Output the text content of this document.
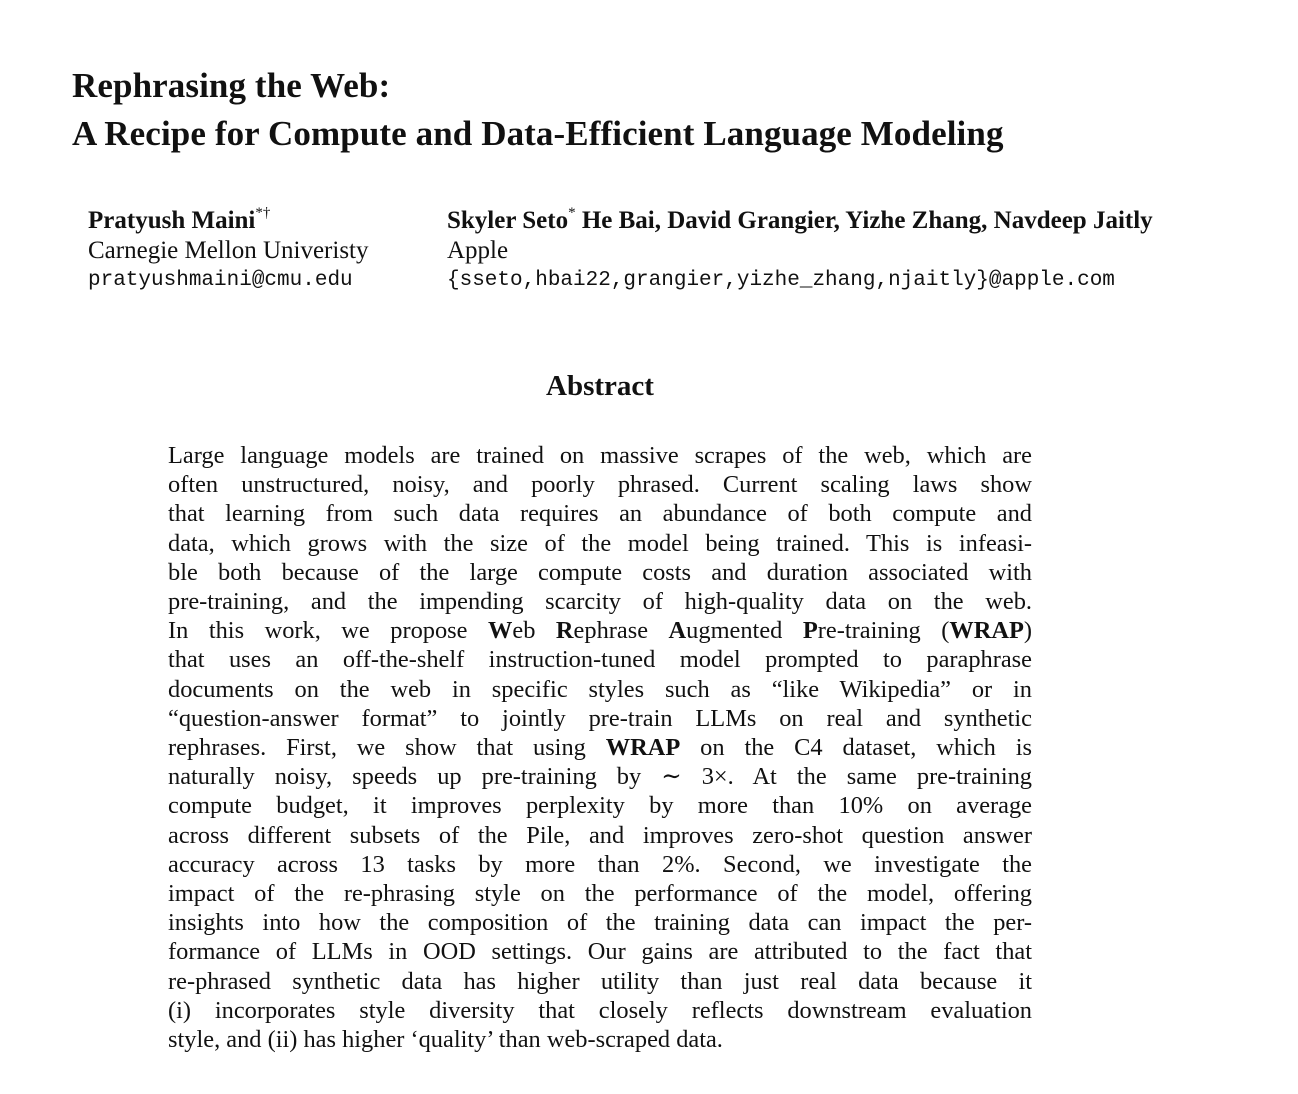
Rephrasing the Web:
A Recipe for Compute and Data-Efficient Language Modeling
Pratyush Maini*†
Carnegie Mellon Univeristy
pratyushmaini@cmu.edu
Skyler Seto* He Bai, David Grangier, Yizhe Zhang, Navdeep Jaitly
Apple
{sseto,hbai22,grangier,yizhe_zhang,njaitly}@apple.com
Abstract
Large language models are trained on massive scrapes of the web, which are
often unstructured, noisy, and poorly phrased. Current scaling laws show
that learning from such data requires an abundance of both compute and
data, which grows with the size of the model being trained. This is infeasi-
ble both because of the large compute costs and duration associated with
pre-training, and the impending scarcity of high-quality data on the web.
In this work, we propose Web Rephrase Augmented Pre-training (WRAP)
that uses an off-the-shelf instruction-tuned model prompted to paraphrase
documents on the web in specific styles such as “like Wikipedia” or in
“question-answer format” to jointly pre-train LLMs on real and synthetic
rephrases. First, we show that using WRAP on the C4 dataset, which is
naturally noisy, speeds up pre-training by ∼ 3×. At the same pre-training
compute budget, it improves perplexity by more than 10% on average
across different subsets of the Pile, and improves zero-shot question answer
accuracy across 13 tasks by more than 2%. Second, we investigate the
impact of the re-phrasing style on the performance of the model, offering
insights into how the composition of the training data can impact the per-
formance of LLMs in OOD settings. Our gains are attributed to the fact that
re-phrased synthetic data has higher utility than just real data because it
(i) incorporates style diversity that closely reflects downstream evaluation
style, and (ii) has higher ‘quality’ than web-scraped data.
